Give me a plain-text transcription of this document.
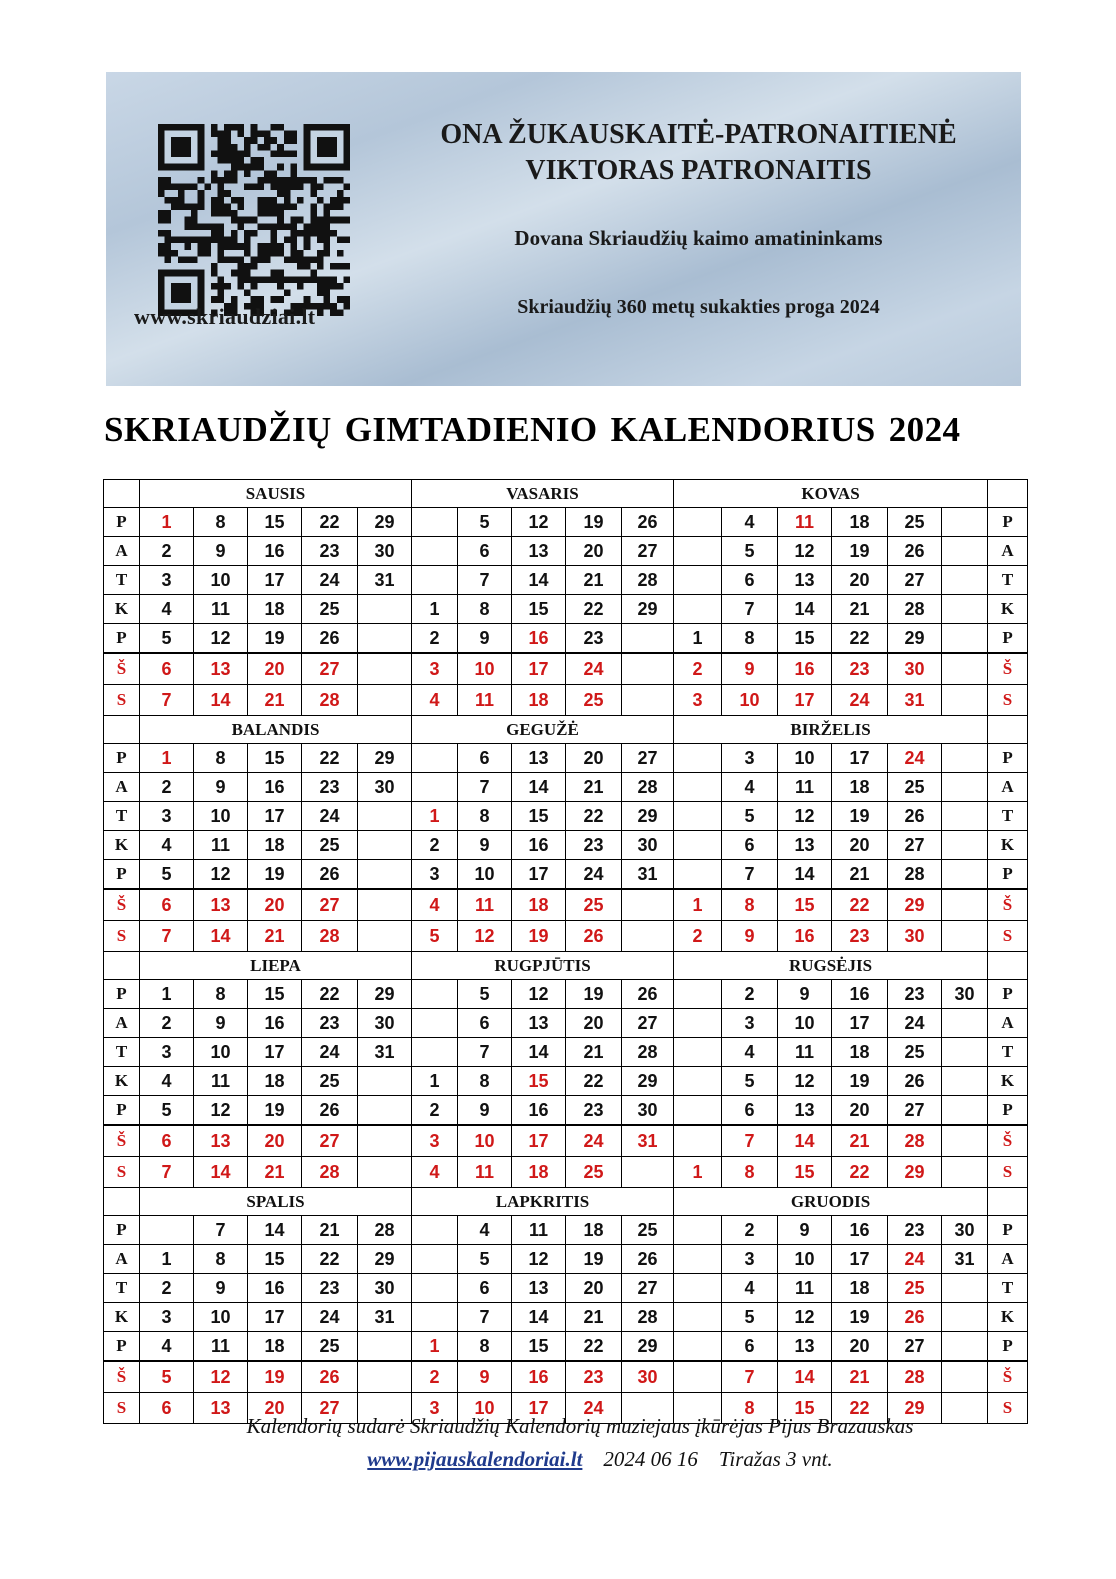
www.skriaudziai.lt
ONA ŽUKAUSKAITĖ-PATRONAITIENĖ
VIKTORAS PATRONAITIS
Dovana Skriaudžių kaimo amatininkams
Skriaudžių 360 metų sukakties proga 2024
SKRIAUDŽIŲ GIMTADIENIO KALENDORIUS 2024
	SAUSIS					VASARIS					KOVAS						
P	1	8	15	22	29		5	12	19	26		4	11	18	25		P
A	2	9	16	23	30		6	13	20	27		5	12	19	26		A
T	3	10	17	24	31		7	14	21	28		6	13	20	27		T
K	4	11	18	25		1	8	15	22	29		7	14	21	28		K
P	5	12	19	26		2	9	16	23		1	8	15	22	29		P
Š	6	13	20	27		3	10	17	24		2	9	16	23	30		Š
S	7	14	21	28		4	11	18	25		3	10	17	24	31		S
	BALANDIS					GEGUŽĖ					BIRŽELIS						
P	1	8	15	22	29		6	13	20	27		3	10	17	24		P
A	2	9	16	23	30		7	14	21	28		4	11	18	25		A
T	3	10	17	24		1	8	15	22	29		5	12	19	26		T
K	4	11	18	25		2	9	16	23	30		6	13	20	27		K
P	5	12	19	26		3	10	17	24	31		7	14	21	28		P
Š	6	13	20	27		4	11	18	25		1	8	15	22	29		Š
S	7	14	21	28		5	12	19	26		2	9	16	23	30		S
	LIEPA					RUGPJŪTIS					RUGSĖJIS						
P	1	8	15	22	29		5	12	19	26		2	9	16	23	30	P
A	2	9	16	23	30		6	13	20	27		3	10	17	24		A
T	3	10	17	24	31		7	14	21	28		4	11	18	25		T
K	4	11	18	25		1	8	15	22	29		5	12	19	26		K
P	5	12	19	26		2	9	16	23	30		6	13	20	27		P
Š	6	13	20	27		3	10	17	24	31		7	14	21	28		Š
S	7	14	21	28		4	11	18	25		1	8	15	22	29		S
	SPALIS					LAPKRITIS					GRUODIS						
P		7	14	21	28		4	11	18	25		2	9	16	23	30	P
A	1	8	15	22	29		5	12	19	26		3	10	17	24	31	A
T	2	9	16	23	30		6	13	20	27		4	11	18	25		T
K	3	10	17	24	31		7	14	21	28		5	12	19	26		K
P	4	11	18	25		1	8	15	22	29		6	13	20	27		P
Š	5	12	19	26		2	9	16	23	30		7	14	21	28		Š
S	6	13	20	27		3	10	17	24			8	15	22	29		S
Kalendorių sudarė Skriaudžių Kalendorių muziejaus įkūrėjas Pijus Brazauskas
www.pijauskalendoriai.lt 2024 06 16 Tiražas 3 vnt.
